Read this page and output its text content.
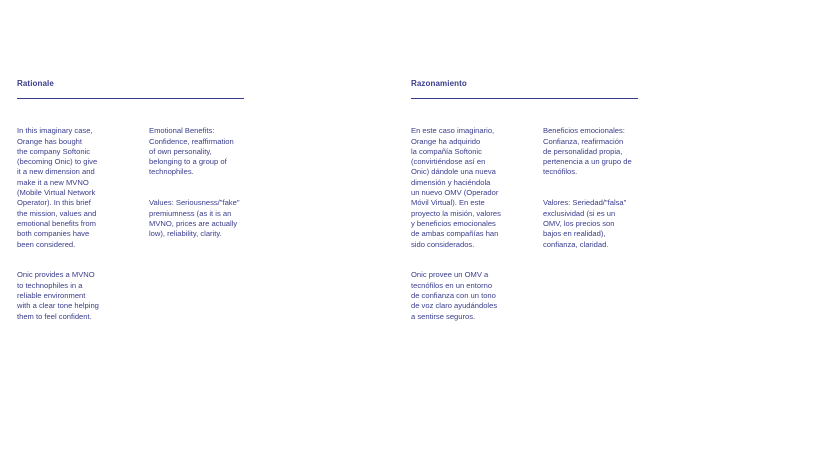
Rationale

In this imaginary case,
Orange has bought
the company Softonic
(becoming Onic) to give
it a new dimension and
make it a new MVNO
(Mobile Virtual Network
Operator). In this brief
the mission, values and
emotional benefits from
both companies have
been considered.

Onic provides a MVNO
to technophiles in a
reliable environment
with a clear tone helping
them to feel confident.

Emotional Benefits:
Confidence, reaffirmation
of own personality,
belonging to a group of
technophiles.

Values: Seriousness/"fake"
premiumness (as it is an
MVNO, prices are actually
low), reliability, clarity.

Razonamiento

En este caso imaginario,
Orange ha adquirido
la compañía Softonic
(convirtiéndose así en
Onic) dándole una nueva
dimensión y haciéndola
un nuevo OMV (Operador
Móvil Virtual). En este
proyecto la misión, valores
y beneficios emocionales
de ambas compañías han
sido considerados.

Onic provee un OMV a
tecnófilos en un entorno
de confianza con un tono
de voz claro ayudándoles
a sentirse seguros.

Beneficios emocionales:
Confianza, reafirmación
de personalidad propia,
pertenencia a un grupo de
tecnófilos.

Valores: Seriedad/"falsa"
exclusividad (si es un
OMV, los precios son
bajos en realidad),
confianza, claridad.
